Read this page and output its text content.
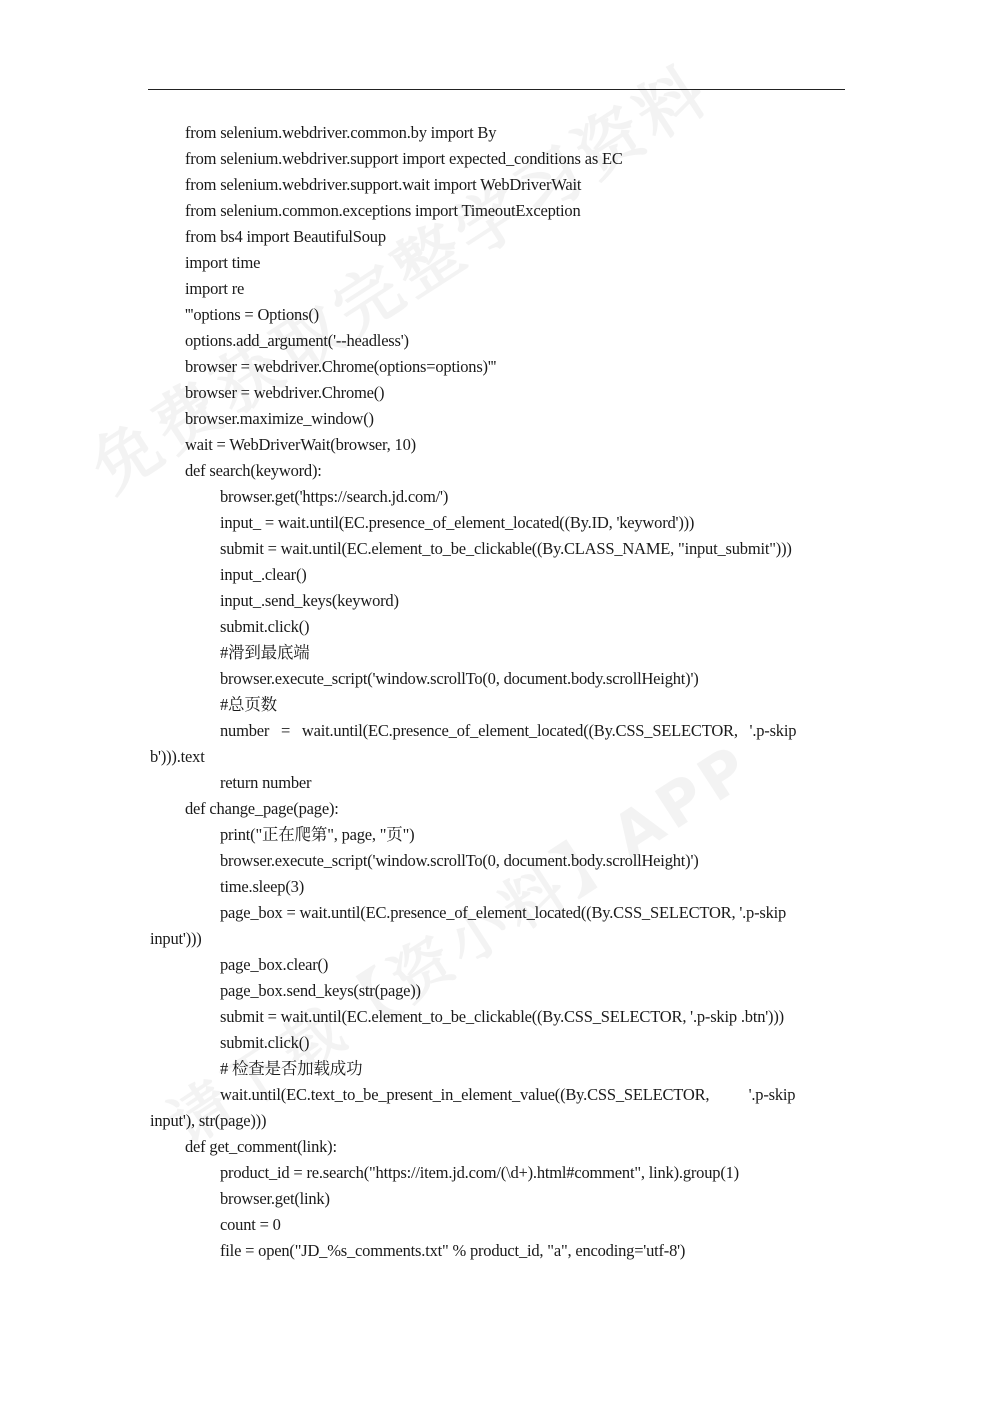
from selenium.webdriver.common.by import By
from selenium.webdriver.support import expected_conditions as EC
from selenium.webdriver.support.wait import WebDriverWait
from selenium.common.exceptions import TimeoutException
from bs4 import BeautifulSoup
import time
import re
'''options = Options()
options.add_argument('--headless')
browser = webdriver.Chrome(options=options)'''
browser = webdriver.Chrome()
browser.maximize_window()
wait = WebDriverWait(browser, 10)
def search(keyword):
browser.get('https://search.jd.com/')
input_ = wait.until(EC.presence_of_element_located((By.ID, 'keyword')))
submit = wait.until(EC.element_to_be_clickable((By.CLASS_NAME, "input_submit")))
input_.clear()
input_.send_keys(keyword)
submit.click()
#滑到最底端
browser.execute_script('window.scrollTo(0, document.body.scrollHeight)')
#总页数
number   =   wait.until(EC.presence_of_element_located((By.CSS_SELECTOR,   '.p-skip
b'))).text
return number
def change_page(page):
print("正在爬第", page, "页")
browser.execute_script('window.scrollTo(0, document.body.scrollHeight)')
time.sleep(3)
page_box = wait.until(EC.presence_of_element_located((By.CSS_SELECTOR, '.p-skip
input')))
page_box.clear()
page_box.send_keys(str(page))
submit = wait.until(EC.element_to_be_clickable((By.CSS_SELECTOR, '.p-skip .btn')))
submit.click()
# 检查是否加载成功
wait.until(EC.text_to_be_present_in_element_value((By.CSS_SELECTOR,          '.p-skip
input'), str(page)))
def get_comment(link):
product_id = re.search("https://item.jd.com/(\d+).html#comment", link).group(1)
browser.get(link)
count = 0
file = open("JD_%s_comments.txt" % product_id, "a", encoding='utf-8')
